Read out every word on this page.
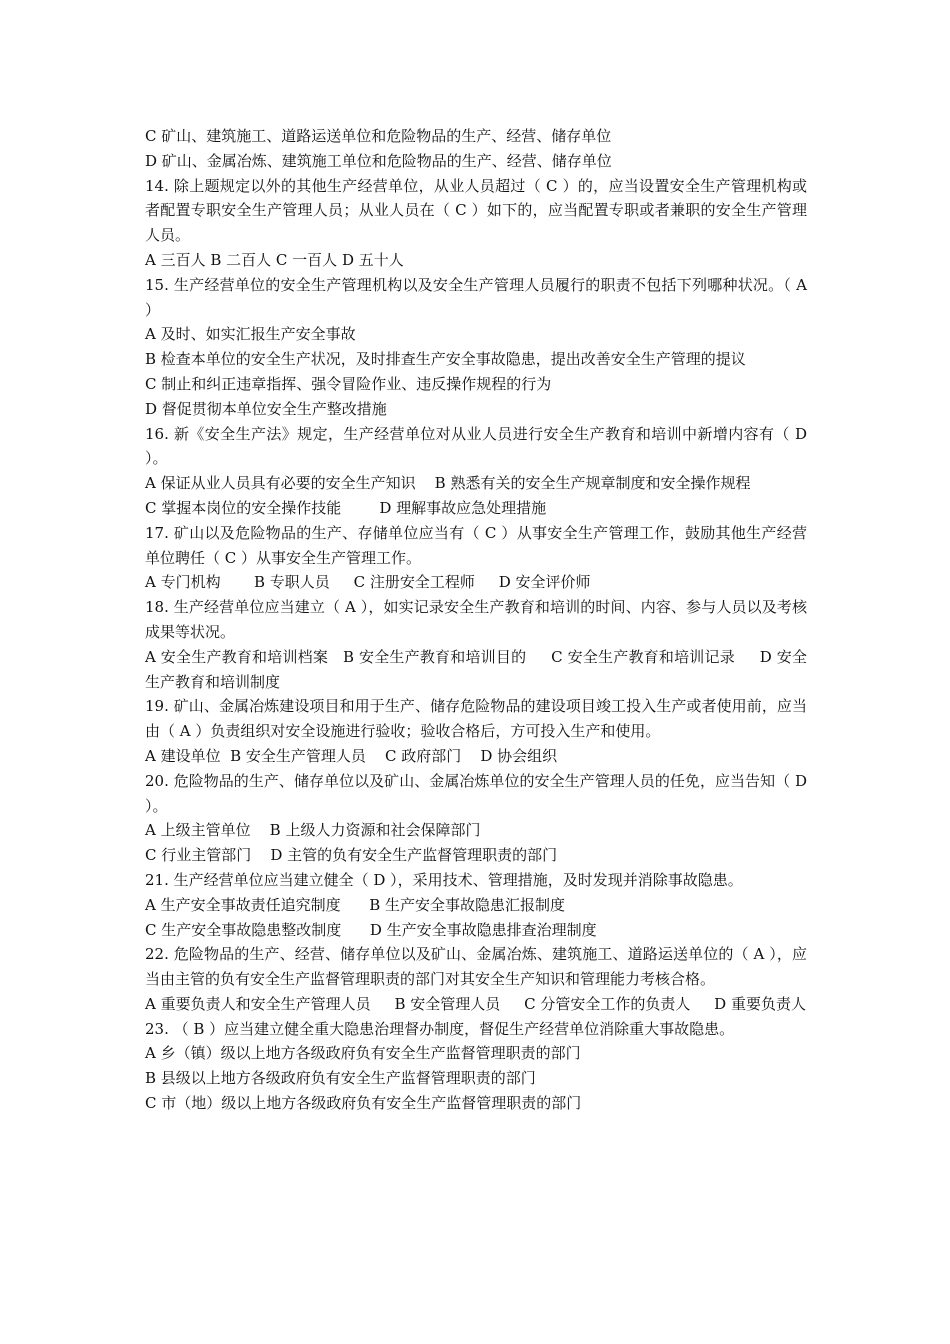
C 矿山、建筑施工、道路运送单位和危险物品的生产、经营、储存单位

D 矿山、金属冶炼、建筑施工单位和危险物品的生产、经营、储存单位

14. 除上题规定以外的其他生产经营单位，从业人员超过（ C ）的，应当设置安全生产管理机构或者配置专职安全生产管理人员；从业人员在（ C ）如下的，应当配置专职或者兼职的安全生产管理人员。

A 三百人 B 二百人 C 一百人 D 五十人

15. 生产经营单位的安全生产管理机构以及安全生产管理人员履行的职责不包括下列哪种状况。（ A ）

A 及时、如实汇报生产安全事故

B 检查本单位的安全生产状况，及时排查生产安全事故隐患，提出改善安全生产管理的提议

C 制止和纠正违章指挥、强令冒险作业、违反操作规程的行为

D 督促贯彻本单位安全生产整改措施

16. 新《安全生产法》规定，生产经营单位对从业人员进行安全生产教育和培训中新增内容有（ D ）。

A 保证从业人员具有必要的安全生产知识    B 熟悉有关的安全生产规章制度和安全操作规程

C 掌握本岗位的安全操作技能        D 理解事故应急处理措施

17. 矿山以及危险物品的生产、存储单位应当有（ C ）从事安全生产管理工作，鼓励其他生产经营单位聘任（ C ）从事安全生产管理工作。

A 专门机构       B 专职人员     C 注册安全工程师     D 安全评价师

18. 生产经营单位应当建立（ A ），如实记录安全生产教育和培训的时间、内容、参与人员以及考核成果等状况。

A 安全生产教育和培训档案   B 安全生产教育和培训目的     C 安全生产教育和培训记录     D 安全生产教育和培训制度

19. 矿山、金属冶炼建设项目和用于生产、储存危险物品的建设项目竣工投入生产或者使用前，应当由（ A ）负责组织对安全设施进行验收；验收合格后，方可投入生产和使用。

A 建设单位  B 安全生产管理人员    C 政府部门    D 协会组织

20. 危险物品的生产、储存单位以及矿山、金属冶炼单位的安全生产管理人员的任免，应当告知（ D ）。

A 上级主管单位    B 上级人力资源和社会保障部门

C 行业主管部门    D 主管的负有安全生产监督管理职责的部门

21. 生产经营单位应当建立健全（ D ），采用技术、管理措施，及时发现并消除事故隐患。

A 生产安全事故责任追究制度      B 生产安全事故隐患汇报制度

C 生产安全事故隐患整改制度      D 生产安全事故隐患排查治理制度

22. 危险物品的生产、经营、储存单位以及矿山、金属冶炼、建筑施工、道路运送单位的（ A ），应当由主管的负有安全生产监督管理职责的部门对其安全生产知识和管理能力考核合格。

A 重要负责人和安全生产管理人员     B 安全管理人员     C 分管安全工作的负责人     D 重要负责人

23. （ B ）应当建立健全重大隐患治理督办制度，督促生产经营单位消除重大事故隐患。

A 乡（镇）级以上地方各级政府负有安全生产监督管理职责的部门

B 县级以上地方各级政府负有安全生产监督管理职责的部门

C 市（地）级以上地方各级政府负有安全生产监督管理职责的部门
